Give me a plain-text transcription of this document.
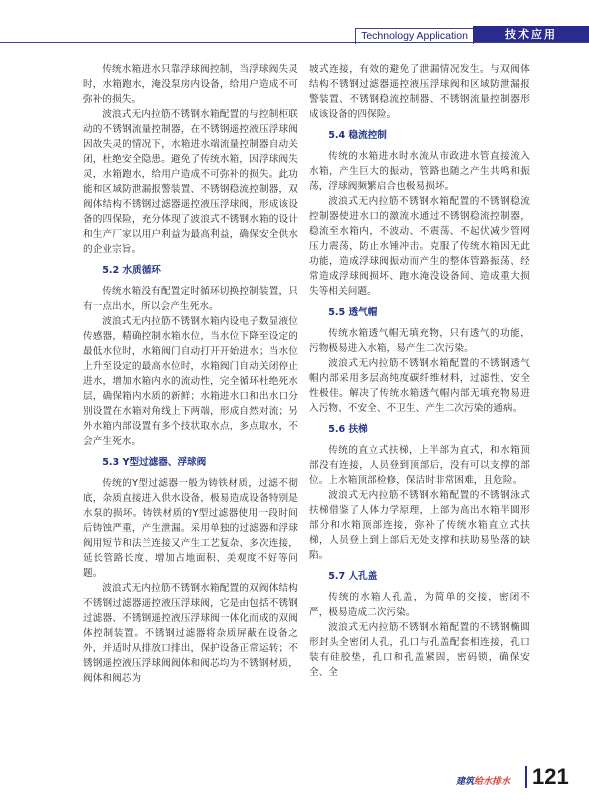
Technology Application	技术应用

传统水箱进水只靠浮球阀控制，当浮球阀失灵时，水箱跑水，淹没泵房内设备，给用户造成不可弥补的损失。

波浪式无内拉筋不锈钢水箱配置的与控制柜联动的不锈钢流量控制器，在不锈钢遥控液压浮球阀因故失灵的情况下，水箱进水端流量控制器自动关闭，杜绝安全隐患。避免了传统水箱，因浮球阀失灵，水箱跑水，给用户造成不可弥补的损失。此功能和区域防泄漏报警装置、不锈钢稳流控制器，双阀体结构不锈钢过滤器遥控液压浮球阀，形成该设备的四保险，充分体现了波浪式不锈钢水箱的设计和生产厂家以用户利益为最高利益，确保安全供水的企业宗旨。

5.2 水质循环

传统水箱没有配置定时循环切换控制装置，只有一点出水，所以会产生死水。

波浪式无内拉筋不锈钢水箱内设电子数显液位传感器，精确控制水箱水位，当水位下降至设定的最低水位时，水箱阀门自动打开开始进水；当水位上升至设定的最高水位时，水箱阀门自动关闭停止进水，增加水箱内水的流动性，完全循环杜绝死水层，确保箱内水质的新鲜；水箱进水口和出水口分别设置在水箱对角线上下两端，形成自然对流；另外水箱内部设置有多个技状取水点，多点取水，不会产生死水。

5.3 Y型过滤器、浮球阀

传统的Y型过滤器一般为铸铁材质，过滤不彻底，杂质直接进入供水设备，极易造成设备特别是水泵的损坏。铸铁材质的Y型过滤器使用一段时间后铸蚀严重，产生泄漏。采用单独的过滤器和浮球阀用短节和法兰连接又产生工艺复杂、多次连接，延长管路长度、增加占地面积、美观度不好等问题。

波浪式无内拉筋不锈钢水箱配置的双阀体结构不锈钢过滤器遥控液压浮球阀，它是由包括不锈钢过滤器、不锈钢遥控液压浮球阀一体化而成的双阀体控制装置。不锈钢过滤器将杂质屏蔽在设备之外，并适时从排放口排出，保护设备正常运转；不锈钢遥控液压浮球阀阀体和阀芯均为不锈钢材质，阀体和阀芯为

坡式连接，有效的避免了泄漏情况发生。与双阀体结构不锈钢过滤器遥控液压浮球阀和区域防泄漏报警装置、不锈钢稳流控制器、不锈钢流量控制器形成该设备的四保险。

5.4 稳流控制

传统的水箱进水时水流从市政进水管直接流入水箱，产生巨大的振动，管路也随之产生共鸣和振荡，浮球阀频繁启合也极易损坏。

波浪式无内拉筋不锈钢水箱配置的不锈钢稳流控制器使进水口的激流水通过不锈钢稳流控制器，稳流至水箱内，不波动、不震荡、不起伏减少管网压力震荡，防止水锤冲击。克服了传统水箱因无此功能，造成浮球阀振动而产生的整体管路振荡、经常造成浮球阀损坏、跑水淹没设备间、造成重大损失等相关问题。

5.5 透气帽

传统水箱透气帽无填充物，只有透气的功能，污物极易进入水箱，易产生二次污染。

波浪式无内拉筋不锈钢水箱配置的不锈钢透气帽内部采用多层高纯度碳纤维材料，过滤性、安全性极佳。解决了传统水箱透气帽内部无填充物易进入污物、不安全、不卫生、产生二次污染的通病。

5.6 扶梯

传统的直立式扶梯，上半部为直式，和水箱顶部没有连接，人员登到顶部后，没有可以支撑的部位。上水箱顶部检修，保洁时非常困难，且危险。

波浪式无内拉筋不锈钢水箱配置的不锈钢泳式扶梯借鉴了人体力学原理，上部为高出水箱半圆形部分和水箱顶部连接，弥补了传统水箱直立式扶梯，人员登上到上部后无处支撑和扶助易坠落的缺陷。

5.7 人孔盖

传统的水箱人孔盖，为简单的交接，密闭不严，极易造成二次污染。

波浪式无内拉筋不锈钢水箱配置的不锈钢椭圆形封头全密闭人孔，孔口与孔盖配套相连接，孔口装有硅胶垫，孔口和孔盖紧固，密码锁，确保安全、全

建筑给水排水 121
